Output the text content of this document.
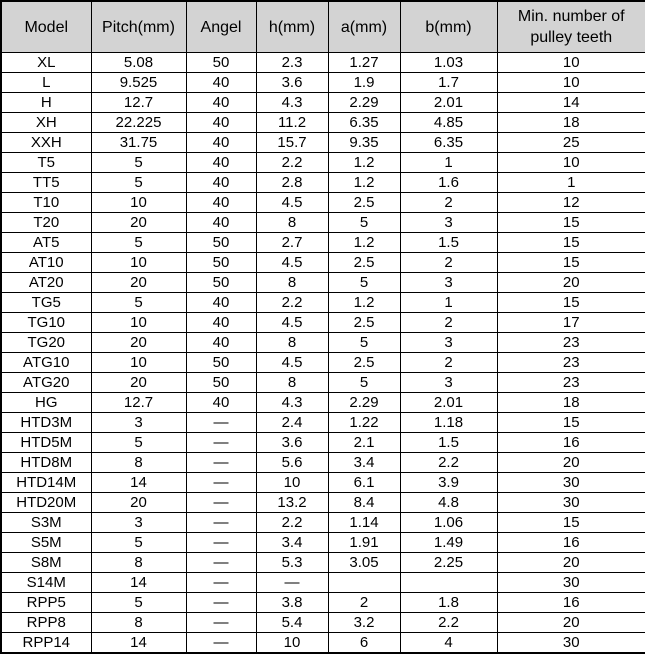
Model	Pitch(mm)	Angel	h(mm)	a(mm)	b(mm)	Min. number of pulley teeth
XL	5.08	50	2.3	1.27	1.03	10
L	9.525	40	3.6	1.9	1.7	10
H	12.7	40	4.3	2.29	2.01	14
XH	22.225	40	11.2	6.35	4.85	18
XXH	31.75	40	15.7	9.35	6.35	25
T5	5	40	2.2	1.2	1	10
TT5	5	40	2.8	1.2	1.6	1
T10	10	40	4.5	2.5	2	12
T20	20	40	8	5	3	15
AT5	5	50	2.7	1.2	1.5	15
AT10	10	50	4.5	2.5	2	15
AT20	20	50	8	5	3	20
TG5	5	40	2.2	1.2	1	15
TG10	10	40	4.5	2.5	2	17
TG20	20	40	8	5	3	23
ATG10	10	50	4.5	2.5	2	23
ATG20	20	50	8	5	3	23
HG	12.7	40	4.3	2.29	2.01	18
HTD3M	3	—	2.4	1.22	1.18	15
HTD5M	5	—	3.6	2.1	1.5	16
HTD8M	8	—	5.6	3.4	2.2	20
HTD14M	14	—	10	6.1	3.9	30
HTD20M	20	—	13.2	8.4	4.8	30
S3M	3	—	2.2	1.14	1.06	15
S5M	5	—	3.4	1.91	1.49	16
S8M	8	—	5.3	3.05	2.25	20
S14M	14	—	—			30
RPP5	5	—	3.8	2	1.8	16
RPP8	8	—	5.4	3.2	2.2	20
RPP14	14	—	10	6	4	30
